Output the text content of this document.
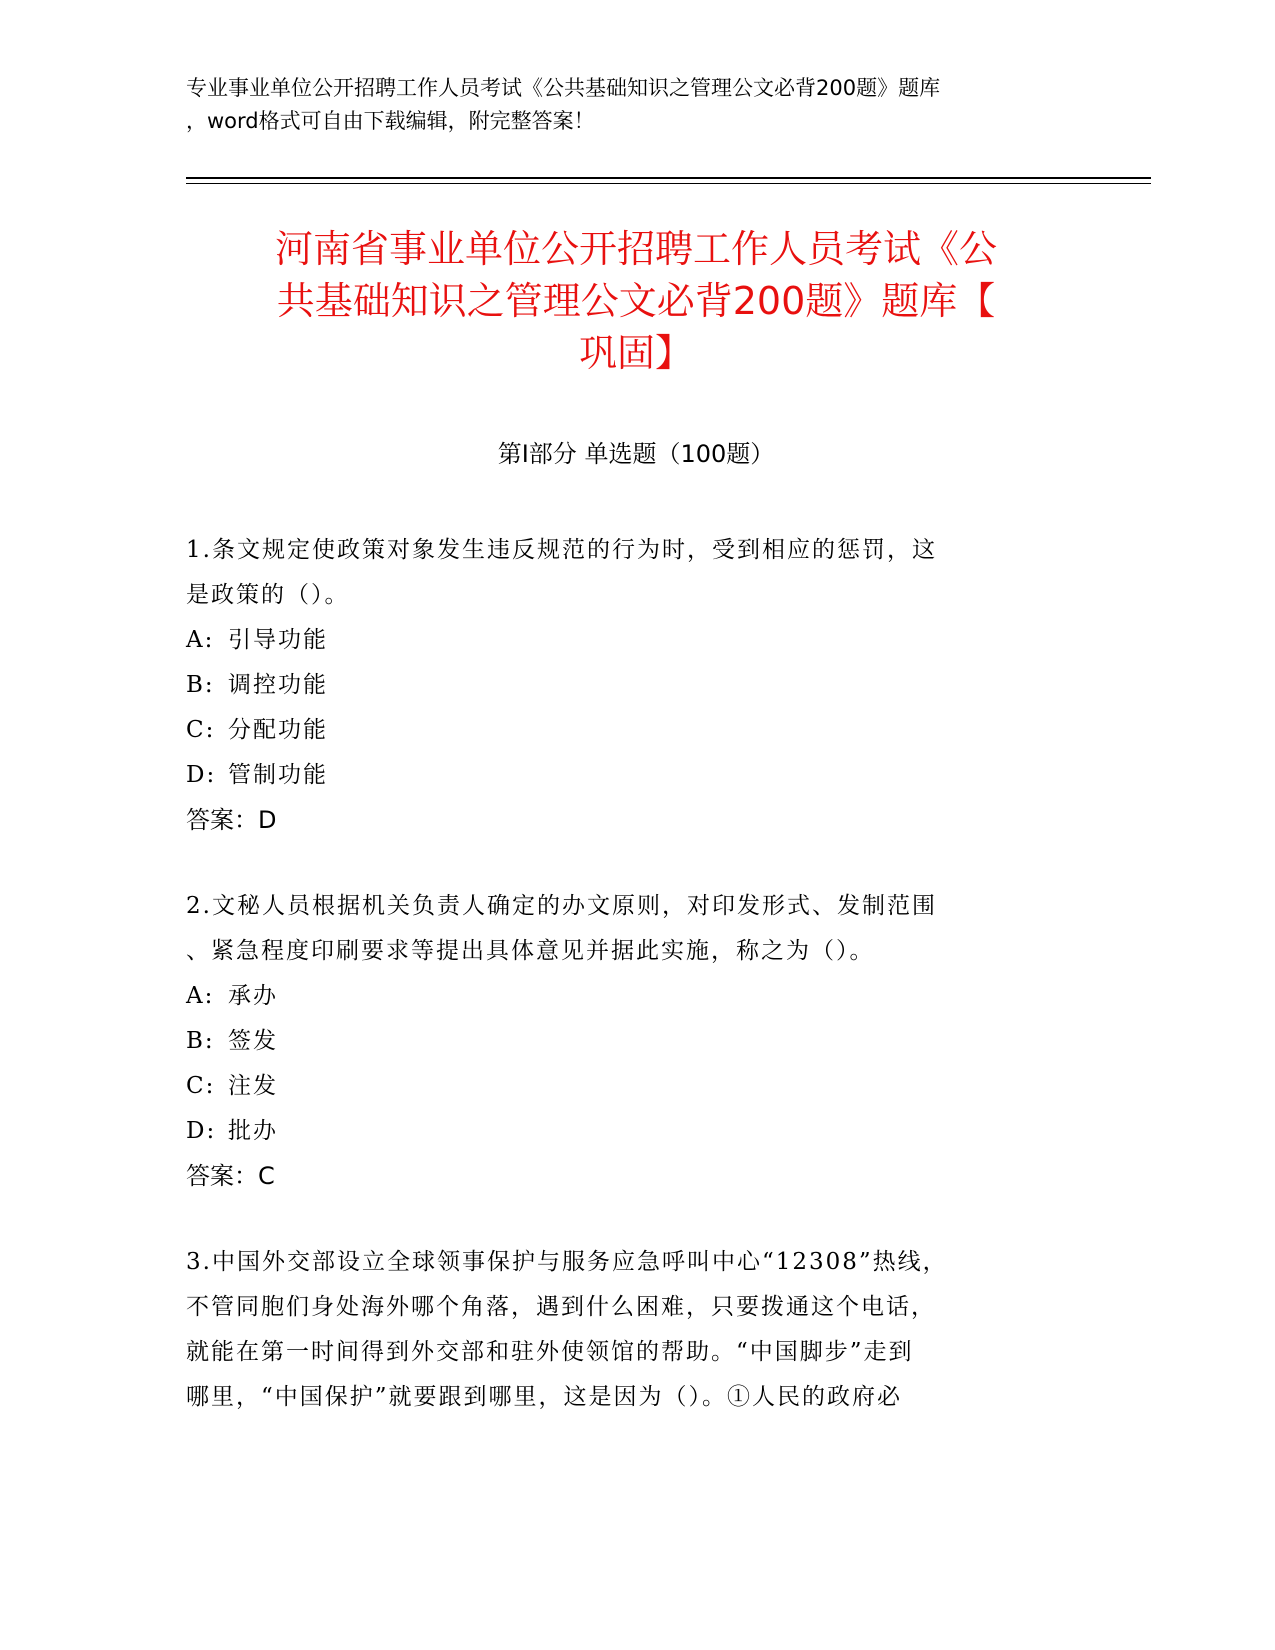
专业事业单位公开招聘工作人员考试《公共基础知识之管理公文必背200题》题库
，word格式可自由下载编辑，附完整答案！
河南省事业单位公开招聘工作人员考试《公
共基础知识之管理公文必背200题》题库【
巩固】
第Ⅰ部分 单选题（100题）
1.条文规定使政策对象发生违反规范的行为时，受到相应的惩罚，这
是政策的（）。
A: 引导功能
B: 调控功能
C: 分配功能
D: 管制功能
答案：D
2.文秘人员根据机关负责人确定的办文原则，对印发形式、发制范围
、紧急程度印刷要求等提出具体意见并据此实施，称之为（）。
A: 承办
B: 签发
C: 注发
D: 批办
答案：C
3.中国外交部设立全球领事保护与服务应急呼叫中心“12308”热线，
不管同胞们身处海外哪个角落，遇到什么困难，只要拨通这个电话，
就能在第一时间得到外交部和驻外使领馆的帮助。“中国脚步”走到
哪里，“中国保护”就要跟到哪里，这是因为（）。①人民的政府必
